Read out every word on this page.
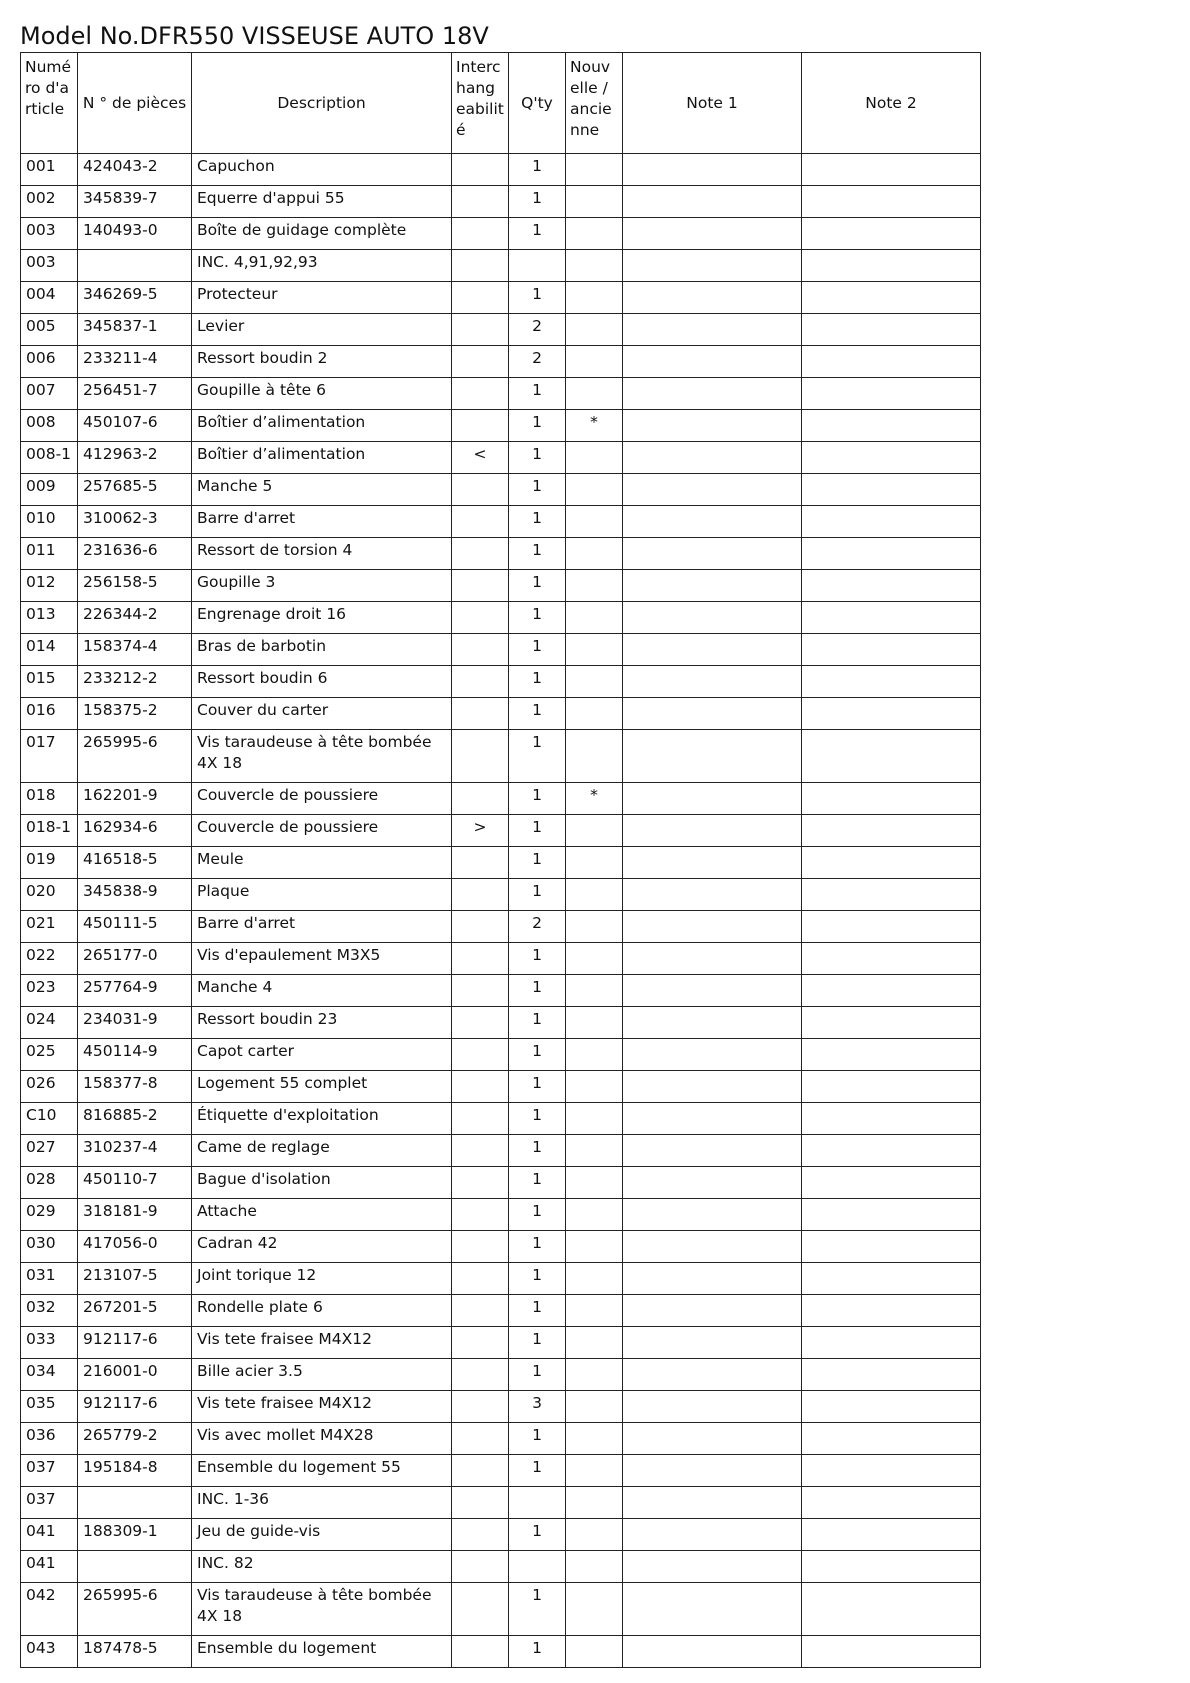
Model No.DFR550 VISSEUSE AUTO 18V
Numéro d'article	N ° de pièces	Description	Interchangeabilité	Q'ty	Nouvelle / ancienne	Note 1	Note 2
001	424043-2	Capuchon		1			
002	345839-7	Equerre d'appui 55		1			
003	140493-0	Boîte de guidage complète		1			
003		INC. 4,91,92,93					
004	346269-5	Protecteur		1			
005	345837-1	Levier		2			
006	233211-4	Ressort boudin 2		2			
007	256451-7	Goupille à tête 6		1			
008	450107-6	Boîtier d’alimentation		1	*		
008-1	412963-2	Boîtier d’alimentation	<	1			
009	257685-5	Manche 5		1			
010	310062-3	Barre d'arret		1			
011	231636-6	Ressort de torsion 4		1			
012	256158-5	Goupille 3		1			
013	226344-2	Engrenage droit 16		1			
014	158374-4	Bras de barbotin		1			
015	233212-2	Ressort boudin 6		1			
016	158375-2	Couver du carter		1			
017	265995-6	Vis taraudeuse à tête bombée 4X 18		1			
018	162201-9	Couvercle de poussiere		1	*		
018-1	162934-6	Couvercle de poussiere	>	1			
019	416518-5	Meule		1			
020	345838-9	Plaque		1			
021	450111-5	Barre d'arret		2			
022	265177-0	Vis d'epaulement M3X5		1			
023	257764-9	Manche 4		1			
024	234031-9	Ressort boudin 23		1			
025	450114-9	Capot carter		1			
026	158377-8	Logement 55 complet		1			
C10	816885-2	Étiquette d'exploitation		1			
027	310237-4	Came de reglage		1			
028	450110-7	Bague d'isolation		1			
029	318181-9	Attache		1			
030	417056-0	Cadran 42		1			
031	213107-5	Joint torique 12		1			
032	267201-5	Rondelle plate 6		1			
033	912117-6	Vis tete fraisee M4X12		1			
034	216001-0	Bille acier 3.5		1			
035	912117-6	Vis tete fraisee M4X12		3			
036	265779-2	Vis avec mollet M4X28		1			
037	195184-8	Ensemble du logement 55		1			
037		INC. 1-36					
041	188309-1	Jeu de guide-vis		1			
041		INC. 82					
042	265995-6	Vis taraudeuse à tête bombée 4X 18		1			
043	187478-5	Ensemble du logement		1			
